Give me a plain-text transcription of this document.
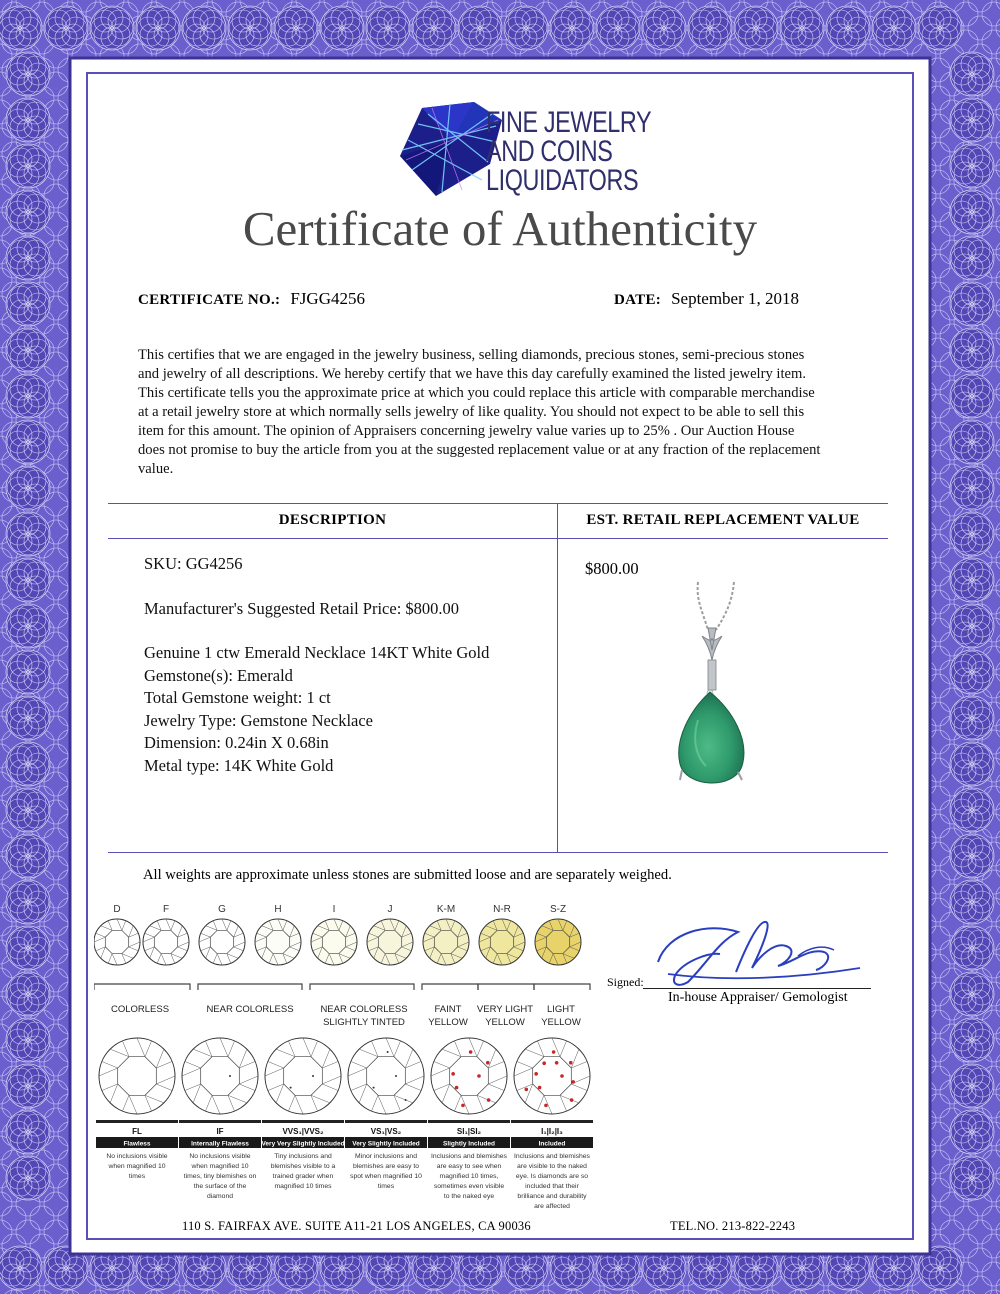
FINE JEWELRY
AND COINS
LIQUIDATORS
Certificate of Authenticity
CERTIFICATE NO.: FJGG4256	DATE: September 1, 2018
This certifies that we are engaged in the jewelry business, selling diamonds, precious stones, semi-precious stones
and jewelry of all descriptions. We hereby certify that we have this day carefully examined the listed jewelry item.
This certificate tells you the approximate price at which you could replace this article with comparable merchandise
at a retail jewelry store at which normally sells jewelry of like quality. You should not expect to be able to sell this
item for this amount. The opinion of Appraisers concerning jewelry value varies up to 25% . Our Auction House
does not promise to buy the article from you at the suggested replacement value or at any fraction of the replacement
value.
DESCRIPTION	EST. RETAIL REPLACEMENT VALUE
SKU: GG4256
Manufacturer's Suggested Retail Price: $800.00
Genuine 1 ctw Emerald Necklace 14KT White Gold
Gemstone(s): Emerald
Total Gemstone weight: 1 ct
Jewelry Type: Gemstone Necklace
Dimension: 0.24in X 0.68in
Metal type: 14K White Gold
$800.00
All weights are approximate unless stones are submitted loose and are separately weighed.
D	F	G	H	I	J	K-M	N-R	S-Z
COLORLESS	NEAR COLORLESS	NEAR COLORLESS
SLIGHTLY TINTED
FAINT
YELLOW
VERY LIGHT
YELLOW
LIGHT
YELLOW
FL
Flawless
No inclusions visible
when magnified 10
times
IF
Internally Flawless
No inclusions visible
when magnified 10
times, tiny blemishes on
the surface of the
diamond
VVS₁|VVS₂
Very Very Slightly Included
Tiny inclusions and
blemishes visible to a
trained grader when
magnified 10 times
VS₁|VS₂
Very Slightly Included
Minor inclusions and
blemishes are easy to
spot when magnified 10
times
SI₁|SI₂
Slightly Included
Inclusions and blemishes
are easy to see when
magnified 10 times,
sometimes even visible
to the naked eye
I₁|I₂|I₃
Included
Inclusions and blemishes
are visible to the naked
eye. Is diamonds are so
included that their
brilliance and durability
are affected
Signed:
In-house Appraiser/ Gemologist
110 S. FAIRFAX AVE. SUITE A11-21 LOS ANGELES, CA 90036	TEL.NO. 213-822-2243
